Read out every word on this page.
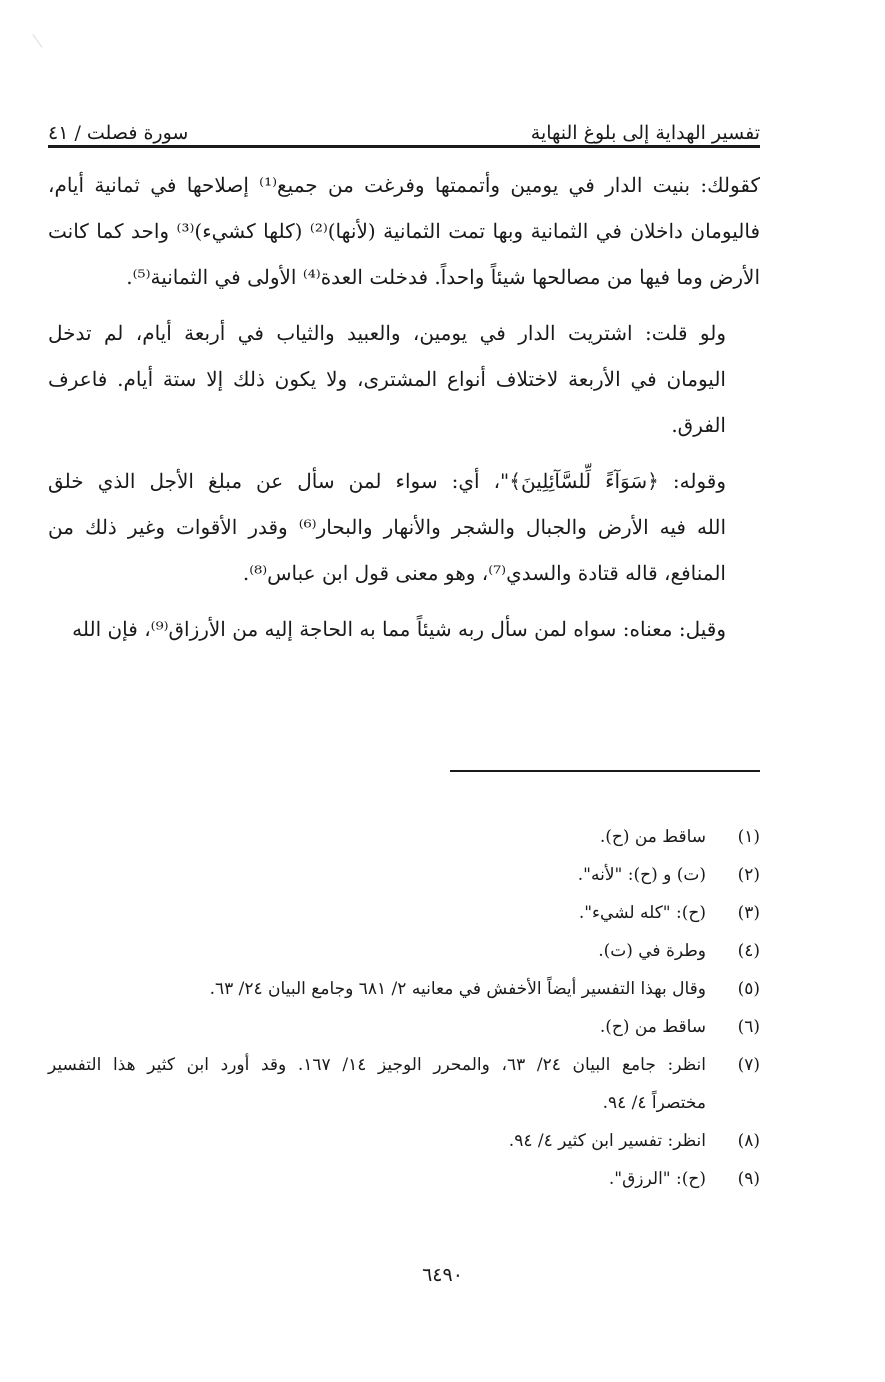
تفسير الهداية إلى بلوغ النهاية
سورة فصلت / ٤١
كقولك: بنيت الدار في يومين وأتممتها وفرغت من جميع⁽¹⁾ إصلاحها في ثمانية أيام،
فاليومان داخلان في الثمانية وبها تمت الثمانية (لأنها)⁽²⁾ (كلها كشيء)⁽³⁾ واحد كما كانت
الأرض وما فيها من مصالحها شيئاً واحداً. فدخلت العدة⁽⁴⁾ الأولى في الثمانية⁽⁵⁾.
ولو قلت: اشتريت الدار في يومين، والعبيد والثياب في أربعة أيام، لم تدخل
اليومان في الأربعة لاختلاف أنواع المشترى، ولا يكون ذلك إلا ستة أيام. فاعرف
الفرق.
وقوله: ﴿سَوَآءً لِّلسَّآئِلِينَ﴾"، أي: سواء لمن سأل عن مبلغ الأجل الذي خلق
الله فيه الأرض والجبال والشجر والأنهار والبحار⁽⁶⁾ وقدر الأقوات وغير ذلك من
المنافع، قاله قتادة والسدي⁽⁷⁾، وهو معنى قول ابن عباس⁽⁸⁾.
وقيل: معناه: سواه لمن سأل ربه شيئاً مما به الحاجة إليه من الأرزاق⁽⁹⁾، فإن الله
(١)
ساقط من (ح).
(٢)
(ت) و (ح): "لأنه".
(٣)
(ح): "كله لشيء".
(٤)
وطرة في (ت).
(٥)
وقال بهذا التفسير أيضاً الأخفش في معانيه ٢/ ٦٨١ وجامع البيان ٢٤/ ٦٣.
(٦)
ساقط من (ح).
(٧)
انظر: جامع البيان ٢٤/ ٦٣، والمحرر الوجيز ١٤/ ١٦٧. وقد أورد ابن كثير هذا التفسير
مختصراً ٤/ ٩٤.
(٨)
انظر: تفسير ابن كثير ٤/ ٩٤.
(٩)
(ح): "الرزق".
٦٤٩٠
